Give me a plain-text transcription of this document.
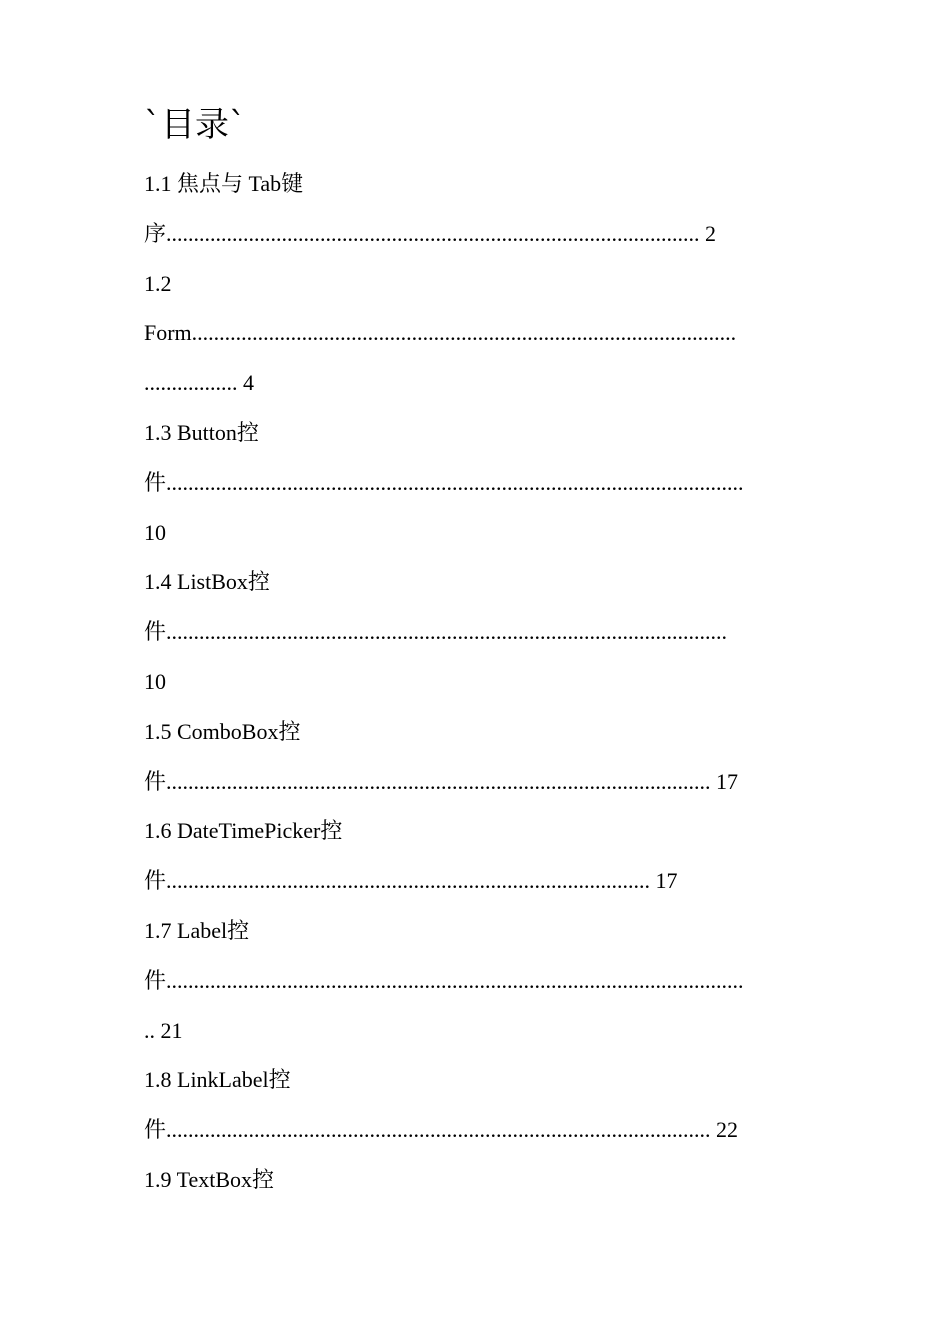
`目录`
1.1 焦点与 Tab键
序................................................................................................. 2
1.2
Form...................................................................................................
................. 4
1.3 Button控
件.........................................................................................................
10
1.4 ListBox控
件......................................................................................................
10
1.5 ComboBox控
件................................................................................................... 17
1.6 DateTimePicker控
件........................................................................................ 17
1.7 Label控
件.........................................................................................................
.. 21
1.8 LinkLabel控
件................................................................................................... 22
1.9 TextBox控
